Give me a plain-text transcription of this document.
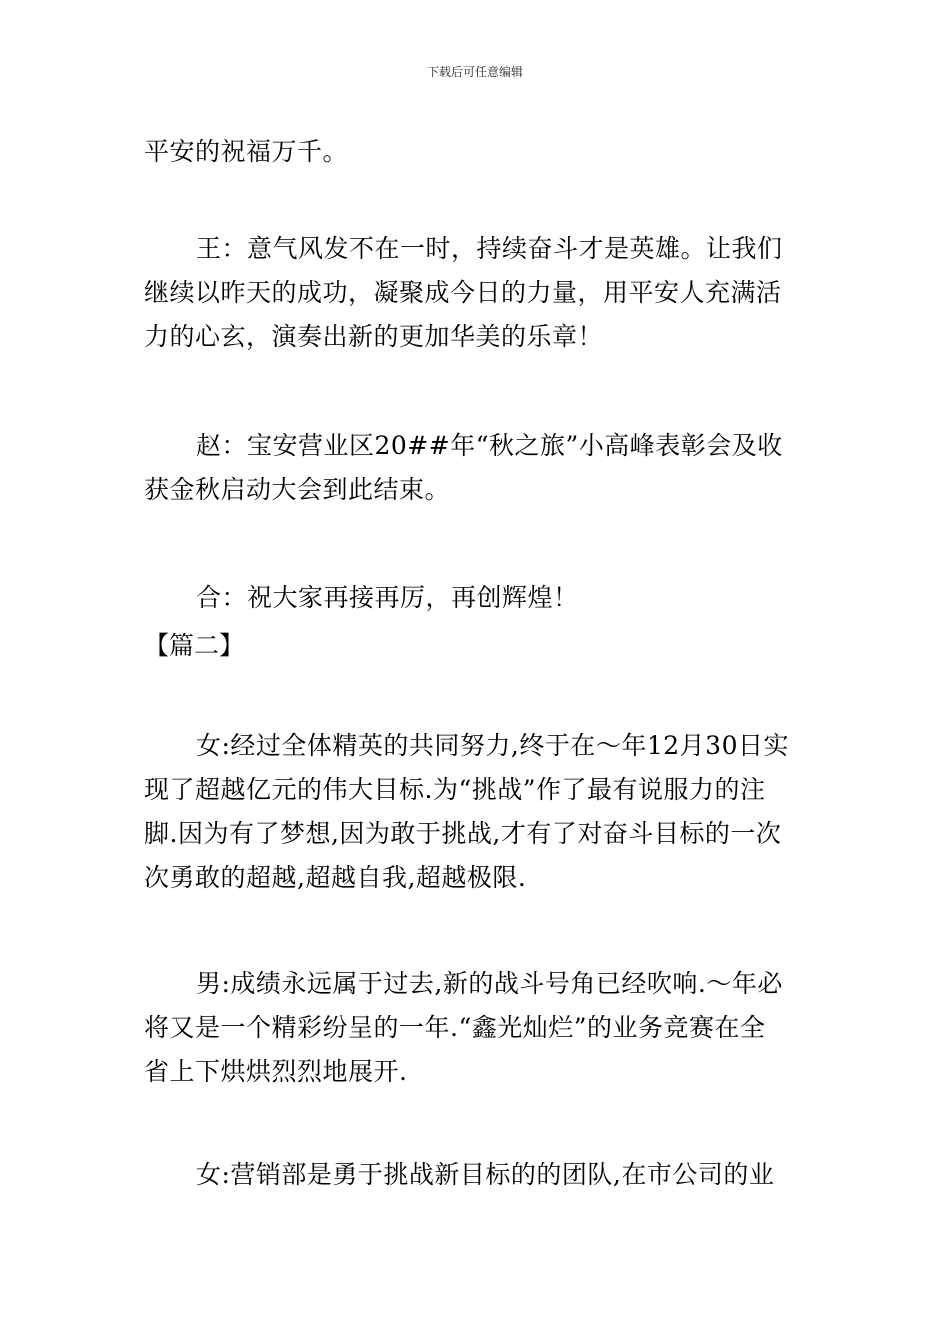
下载后可任意编辑
平安的祝福万千。
王：意气风发不在一时，持续奋斗才是英雄。让我们
继续以昨天的成功，凝聚成今日的力量，用平安人充满活
力的心玄，演奏出新的更加华美的乐章！
赵：宝安营业区20##年“秋之旅”小高峰表彰会及收
获金秋启动大会到此结束。
合：祝大家再接再厉，再创辉煌！
【篇二】
女:经过全体精英的共同努力,终于在～年12月30日实
现了超越亿元的伟大目标.为“挑战”作了最有说服力的注
脚.因为有了梦想,因为敢于挑战,才有了对奋斗目标的一次
次勇敢的超越,超越自我,超越极限.
男:成绩永远属于过去,新的战斗号角已经吹响.～年必
将又是一个精彩纷呈的一年.“鑫光灿烂”的业务竞赛在全
省上下烘烘烈烈地展开.
女:营销部是勇于挑战新目标的的团队,在市公司的业
